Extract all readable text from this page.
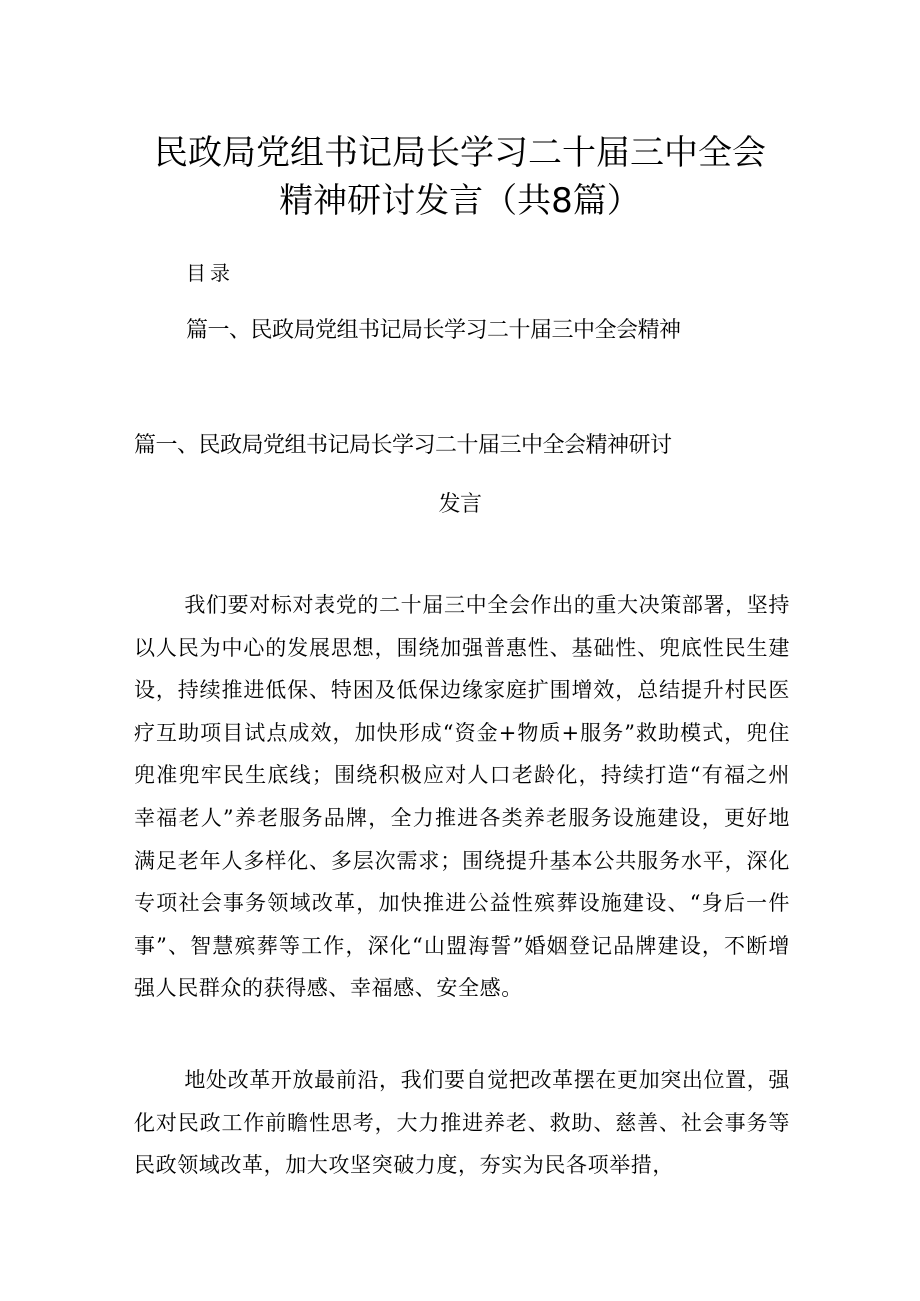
民政局党组书记局长学习二十届三中全会
精神研讨发言（共8篇）
目录
篇一、民政局党组书记局长学习二十届三中全会精神
篇一、民政局党组书记局长学习二十届三中全会精神研讨
发言

我们要对标对表党的二十届三中全会作出的重大决策部署，坚持以人民为中心的发展思想，围绕加强普惠性、基础性、兜底性民生建设，持续推进低保、特困及低保边缘家庭扩围增效，总结提升村民医疗互助项目试点成效，加快形成“资金+物质+服务”救助模式，兜住兜准兜牢民生底线；围绕积极应对人口老龄化，持续打造“有福之州幸福老人”养老服务品牌，全力推进各类养老服务设施建设，更好地满足老年人多样化、多层次需求；围绕提升基本公共服务水平，深化专项社会事务领域改革，加快推进公益性殡葬设施建设、“身后一件事”、智慧殡葬等工作，深化“山盟海誓”婚姻登记品牌建设，不断增强人民群众的获得感、幸福感、安全感。

地处改革开放最前沿，我们要自觉把改革摆在更加突出位置，强化对民政工作前瞻性思考，大力推进养老、救助、慈善、社会事务等民政领域改革，加大攻坚突破力度，夯实为民各项举措，
